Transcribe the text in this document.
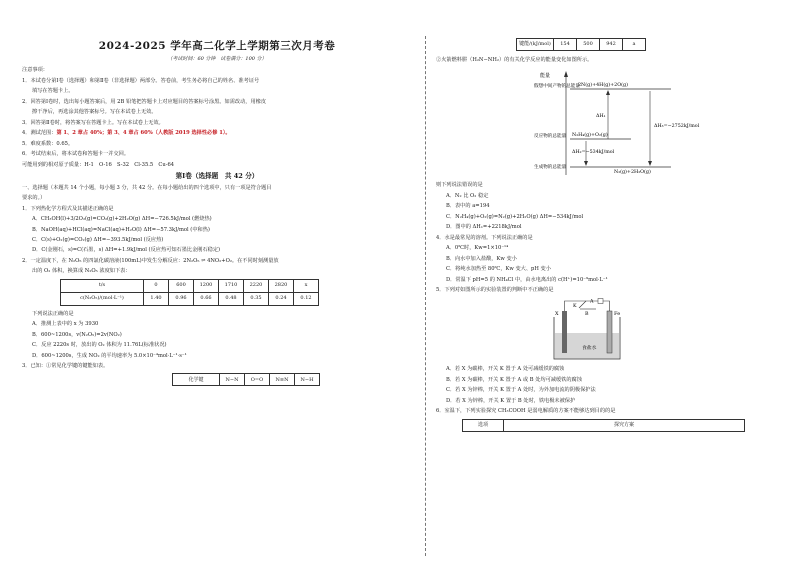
2024-2025 学年高二化学上学期第三次月考卷
（考试时间：60 分钟　试卷满分：100 分）
注意事项：
1．本试卷分第Ⅰ卷（选择题）和第Ⅱ卷（非选择题）两部分。答卷前，考生务必将自己的姓名、准考证号
填写在答题卡上。
2．回答第Ⅰ卷时，选出每小题答案后，用 2B 铅笔把答题卡上对应题目的答案标号涂黑。如需改动，用橡皮
擦干净后，再选涂其他答案标号。写在本试卷上无效。
3．回答第Ⅱ卷时，将答案写在答题卡上。写在本试卷上无效。
4．测试范围：第 1、2 章占 40%；第 3、4 章占 60%（人教版 2019 选择性必修 1）。
5．难度系数：0.65。
6．考试结束后，将本试卷和答题卡一并交回。
可能用到的相对原子质量：H-1　O-16　S-32　Cl-35.5　Cu-64
第Ⅰ卷（选择题　共 42 分）
一、选择题（本题共 14 个小题，每小题 3 分，共 42 分。在每小题给出的四个选项中，只有一项是符合题目
要求的。）
1．下列热化学方程式及其描述正确的是
A．CH₃OH(l)+3/2O₂(g)=CO₂(g)+2H₂O(g) ΔH=−726.5kJ/mol (燃烧热)
B．NaOH(aq)+HCl(aq)=NaCl(aq)+H₂O(l) ΔH=−57.3kJ/mol (中和热)
C．C(s)+O₂(g)=CO₂(g) ΔH=−393.5kJ/mol (反应热)
D．C(金刚石，s)=C(石墨，s) ΔH=+1.9kJ/mol (反应热可知石墨比金刚石稳定)
2．一定温度下，在 N₂O₅ 的四氯化碳溶液(100mL)中发生分解反应：2N₂O₅ ⇌ 4NO₂+O₂。在不同时刻测量放
出的 O₂ 体积，换算成 N₂O₅ 浓度如下表：
t/s	0	600	1200	1710	2220	2820	x
c(N₂O₅)/(mol·L⁻¹)	1.40	0.96	0.66	0.48	0.35	0.24	0.12
下列说法正确的是
A．推测上表中的 x 为 3930
B．600~1200s，v(N₂O₅)=2v(NO₂)
C．反应 2220s 时，放出的 O₂ 体积为 11.76L(标准状况)
D．600~1200s，生成 NO₂ 的平均速率为 5.0×10⁻⁴mol·L⁻¹·s⁻¹
3．已知：①常见化学键的键能如表。
化学键	N−N	O=O	N≡N	N−H
键能/(kJ/mol)	154	500	942	a
②火箭燃料肼（H₂N−NH₂）的有关化学反应的能量变化如图所示。
能量
假想中间产物的总能量
反应物的总能量
生成物的总能量
2N(g)+4H(g)+2O(g)
N₂H₄(g)+O₂(g)
N₂(g)+2H₂O(g)
ΔH₁
ΔH₂=−534kJ/mol
ΔH₃=−2752kJ/mol
则下列说法错误的是
A．N₂ 比 O₂ 稳定
B．表中的 a=194
C．N₂H₄(g)+O₂(g)=N₂(g)+2H₂O(g) ΔH=−534kJ/mol
D．图中的 ΔH₁=+2218kJ/mol
4．水是最常见的溶剂。下列说法正确的是
A．0℃时，Kw=1×10⁻¹⁴
B．向水中加入盐酸，Kw 变小
C．将纯水加热至 80℃，Kw 变大、pH 变小
D．常温下 pH=5 的 NH₄Cl 中，由水电离出的 c(H⁺)=10⁻⁹mol·L⁻¹
5．下列对如图所示的实验装置的判断中不正确的是
食盐水
X	Fe
A
K
B
A．若 X 为碳棒，开关 K 置于 A 处可减缓铁的腐蚀
B．若 X 为碳棒，开关 K 置于 A 或 B 处均可减缓铁的腐蚀
C．若 X 为锌棒，开关 K 置于 A 处时，为外加电流的阴极保护法
D．若 X 为锌棒，开关 K 置于 B 处时，铁电极未被保护
6．室温下，下列实验探究 CH₃COOH 是弱电解质的方案不能够达到目的的是
选项	探究方案
